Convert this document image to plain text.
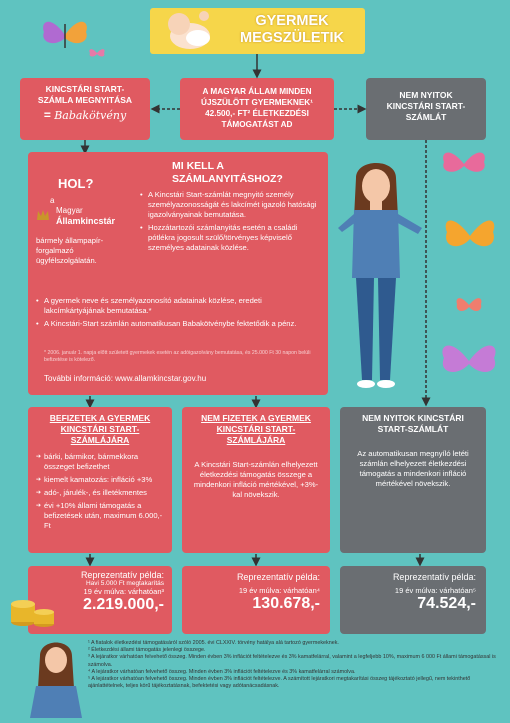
GYERMEK
MEGSZÜLETIK
KINCSTÁRI START-SZÁMLA MEGNYITÁSA
= Babakötvény
A MAGYAR ÁLLAM MINDEN ÚJSZÜLÖTT GYERMEKNEK¹ 42.500,- FT² ÉLETKEZDÉSI TÁMOGATÁST AD
NEM NYITOK KINCSTÁRI START-SZÁMLÁT
HOL?
a
Magyar
Államkincstár
bármely állampapír-forgalmazó ügyfélszolgálatán.
MI KELL A SZÁMLANYITÁSHOZ?
• A Kincstári Start-számlát megnyitó személy személyazonosságát és lakcímét igazoló hatósági igazolványainak bemutatása.
• Hozzátartozói számlanyitás esetén a családi pótlékra jogosult szülő/törvényes képviselő személyes adatainak közlése.
• A gyermek neve és személyazonosító adatainak közlése, eredeti lakcímkártyájának bemutatása.*
• A Kincstári-Start számlán automatikusan Babakötvénybe fektetődik a pénz.
* 2006. január 1. napja előtt született gyermekek esetén az adóigazolvány bemutatása, és 25.000 Ft 30 napon belüli befizetése is kötelező.
További információ: www.allamkincstar.gov.hu
BEFIZETEK A GYERMEK KINCSTÁRI START-SZÁMLÁJÁRA
➔ bárki, bármikor, bármekkora összeget befizethet
➔ kiemelt kamatozás: infláció +3%
➔ adó-, járulék-, és illetékmentes
➔ évi +10% állami támogatás a befizetések után, maximum 6.000,- Ft
NEM FIZETEK A GYERMEK KINCSTÁRI START-SZÁMLÁJÁRA
A Kincstári Start-számlán elhelyezett életkezdési támogatás összege a mindenkori infláció mértékével, +3%-kal növekszik.
NEM NYITOK KINCSTÁRI START-SZÁMLÁT
Az automatikusan megnyíló letéti számlán elhelyezett életkezdési támogatás a mindenkori infláció mértékével növekszik.
Reprezentatív példa:
Havi 5.000 Ft megtakarítás
19 év múlva: várhatóan³
2.219.000,-
Reprezentatív példa:
19 év múlva: várhatóan⁴
130.678,-
Reprezentatív példa:
19 év múlva: várhatóan⁵
74.524,-
¹ A fiatalok életkezdési támogatásáról szóló 2005. évi CLXXIV. törvény hatálya alá tartozó gyermekeknek.
² Életkezdési állami támogatás jelenlegi összege.
³ A lejáratkor várhatóan felvehető összeg. Minden évben 3% inflációt feltételezve és 3% kamatfelárral, valamint a legfeljebb 10%, maximum 6 000 Ft állami támogatással is számolva.
⁴ A lejáratkor várhatóan felvehető összeg. Minden évben 3% inflációt feltételezve és 3% kamatfelárral számolva.
⁵ A lejáratkor várhatóan felvehető összeg. Minden évben 3% inflációt feltételezve. A számított lejáratkori megtakarítási összeg tájékoztató jellegű, nem tekinthető ajánlattételnek, teljes körű tájékoztatásnak, befektetési vagy adótanácsadásnak.
